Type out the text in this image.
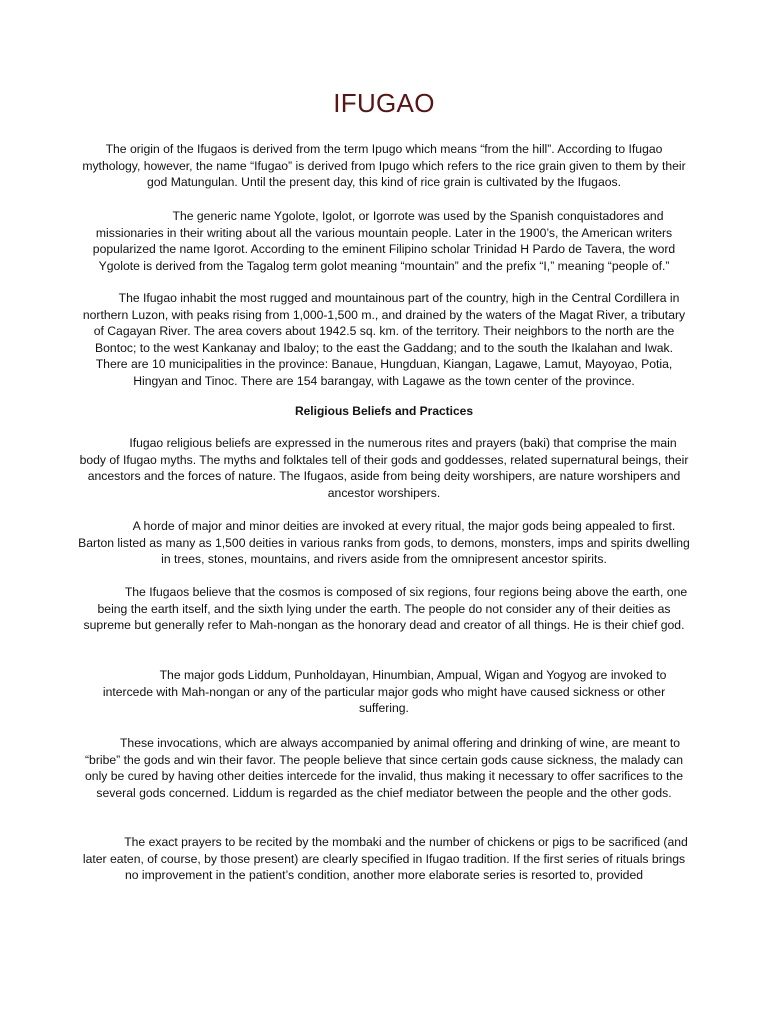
IFUGAO

The origin of the Ifugaos is derived from the term Ipugo which means “from the hill”. According to Ifugao mythology, however, the name “Ifugao” is derived from Ipugo which refers to the rice grain given to them by their god Matungulan. Until the present day, this kind of rice grain is cultivated by the Ifugaos.

The generic name Ygolote, Igolot, or Igorrote was used by the Spanish conquistadores and missionaries in their writing about all the various mountain people. Later in the 1900’s, the American writers popularized the name Igorot. According to the eminent Filipino scholar Trinidad H Pardo de Tavera, the word Ygolote is derived from the Tagalog term golot meaning “mountain” and the prefix “I,” meaning “people of.”

The Ifugao inhabit the most rugged and mountainous part of the country, high in the Central Cordillera in northern Luzon, with peaks rising from 1,000-1,500 m., and drained by the waters of the Magat River, a tributary of Cagayan River. The area covers about 1942.5 sq. km. of the territory. Their neighbors to the north are the Bontoc; to the west Kankanay and Ibaloy; to the east the Gaddang; and to the south the Ikalahan and Iwak. There are 10 municipalities in the province: Banaue, Hungduan, Kiangan, Lagawe, Lamut, Mayoyao, Potia, Hingyan and Tinoc. There are 154 barangay, with Lagawe as the town center of the province.

Religious Beliefs and Practices

Ifugao religious beliefs are expressed in the numerous rites and prayers (baki) that comprise the main body of Ifugao myths. The myths and folktales tell of their gods and goddesses, related supernatural beings, their ancestors and the forces of nature. The Ifugaos, aside from being deity worshipers, are nature worshipers and ancestor worshipers.

A horde of major and minor deities are invoked at every ritual, the major gods being appealed to first. Barton listed as many as 1,500 deities in various ranks from gods, to demons, monsters, imps and spirits dwelling in trees, stones, mountains, and rivers aside from the omnipresent ancestor spirits.

The Ifugaos believe that the cosmos is composed of six regions, four regions being above the earth, one being the earth itself, and the sixth lying under the earth. The people do not consider any of their deities as supreme but generally refer to Mah-nongan as the honorary dead and creator of all things. He is their chief god.

The major gods Liddum, Punholdayan, Hinumbian, Ampual, Wigan and Yogyog are invoked to intercede with Mah-nongan or any of the particular major gods who might have caused sickness or other suffering.

These invocations, which are always accompanied by animal offering and drinking of wine, are meant to “bribe” the gods and win their favor. The people believe that since certain gods cause sickness, the malady can only be cured by having other deities intercede for the invalid, thus making it necessary to offer sacrifices to the several gods concerned. Liddum is regarded as the chief mediator between the people and the other gods.

The exact prayers to be recited by the mombaki and the number of chickens or pigs to be sacrificed (and later eaten, of course, by those present) are clearly specified in Ifugao tradition. If the first series of rituals brings no improvement in the patient’s condition, another more elaborate series is resorted to, provided
